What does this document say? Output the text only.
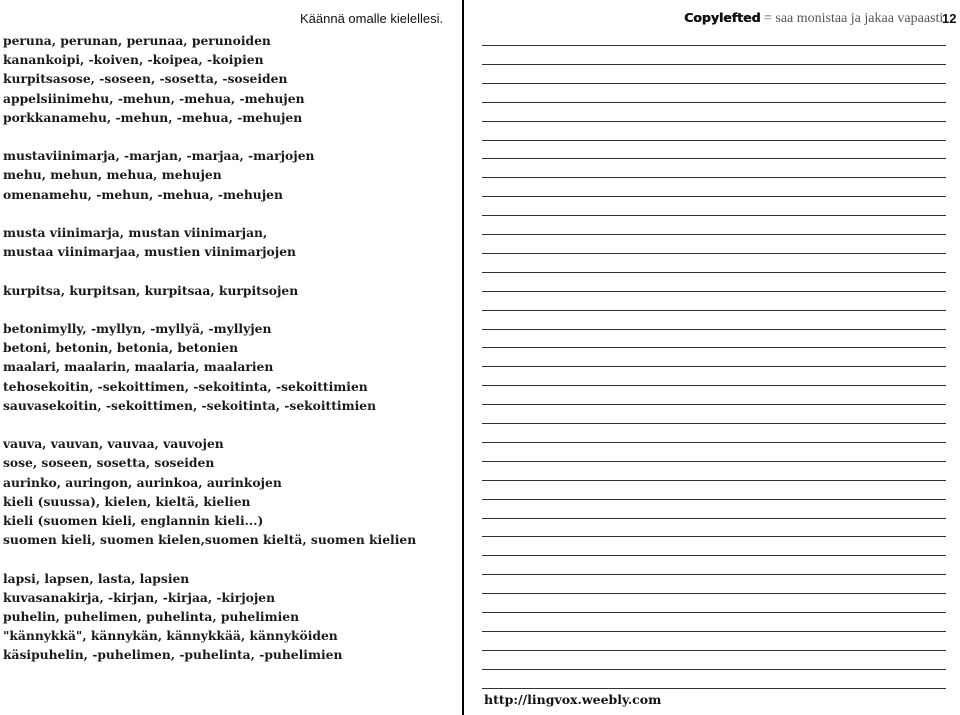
Käännä omalle kielellesi.	Copylefted = saa monistaa ja jakaa vapaasti
12
peruna, perunan, perunaa, perunoiden
kanankoipi, -koiven, -koipea, -koipien
kurpitsasose, -soseen, -sosetta, -soseiden
appelsiinimehu, -mehun, -mehua, -mehujen
porkkanamehu, -mehun, -mehua, -mehujen
mustaviinimarja, -marjan, -marjaa, -marjojen
mehu, mehun, mehua, mehujen
omenamehu, -mehun, -mehua, -mehujen
musta viinimarja, mustan viinimarjan,
mustaa viinimarjaa, mustien viinimarjojen
kurpitsa, kurpitsan, kurpitsaa, kurpitsojen
betonimylly, -myllyn, -myllyä, -myllyjen
betoni, betonin, betonia, betonien
maalari, maalarin, maalaria, maalarien
tehosekoitin, -sekoittimen, -sekoitinta, -sekoittimien
sauvasekoitin, -sekoittimen, -sekoitinta, -sekoittimien
vauva, vauvan, vauvaa, vauvojen
sose, soseen, sosetta, soseiden
aurinko, auringon, aurinkoa, aurinkojen
kieli (suussa), kielen, kieltä, kielien
kieli (suomen kieli, englannin kieli...)
suomen kieli, suomen kielen,suomen kieltä, suomen kielien
lapsi, lapsen, lasta, lapsien
kuvasanakirja, -kirjan, -kirjaa, -kirjojen
puhelin, puhelimen, puhelinta, puhelimien
"kännykkä", kännykän, kännykkää, kännyköiden
käsipuhelin, -puhelimen, -puhelinta, -puhelimien
http://lingvox.weebly.com
